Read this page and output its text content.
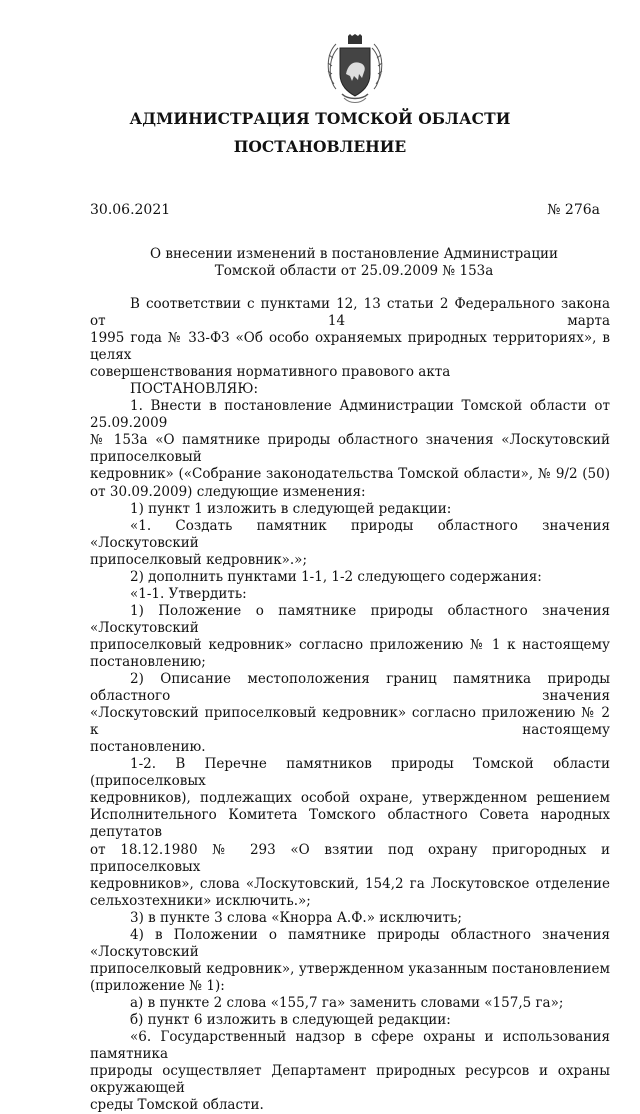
АДМИНИСТРАЦИЯ ТОМСКОЙ ОБЛАСТИ
ПОСТАНОВЛЕНИЕ
30.06.2021	№ 276а
О внесении изменений в постановление Администрации
Томской области от 25.09.2009 № 153а

В соответствии с пунктами 12, 13 статьи 2 Федерального закона от 14 марта

1995 года № 33-ФЗ «Об особо охраняемых природных территориях», в целях

совершенствования нормативного правового акта

ПОСТАНОВЛЯЮ:

1. Внести в постановление Администрации Томской области от 25.09.2009

№ 153а «О памятнике природы областного значения «Лоскутовский припоселковый

кедровник» («Собрание законодательства Томской области», № 9/2 (50)

от 30.09.2009) следующие изменения:

1) пункт 1 изложить в следующей редакции:

«1. Создать памятник природы областного значения «Лоскутовский

припоселковый кедровник».»;

2) дополнить пунктами 1-1, 1-2 следующего содержания:

«1-1. Утвердить:

1) Положение о памятнике природы областного значения «Лоскутовский

припоселковый кедровник» согласно приложению № 1 к настоящему постановлению;

2) Описание местоположения границ памятника природы областного значения

«Лоскутовский припоселковый кедровник» согласно приложению № 2 к настоящему

постановлению.

1-2. В Перечне памятников природы Томской области (припоселковых

кедровников), подлежащих особой охране, утвержденном решением

Исполнительного Комитета Томского областного Совета народных депутатов

от 18.12.1980 № 293 «О взятии под охрану пригородных и припоселковых

кедровников», слова «Лоскутовский, 154,2 га Лоскутовское отделение

сельхозтехники» исключить.»;

3) в пункте 3 слова «Кнорра А.Ф.» исключить;

4) в Положении о памятнике природы областного значения «Лоскутовский

припоселковый кедровник», утвержденном указанным постановлением

(приложение № 1):

а) в пункте 2 слова «155,7 га» заменить словами «157,5 га»;

б) пункт 6 изложить в следующей редакции:

«6. Государственный надзор в сфере охраны и использования памятника

природы осуществляет Департамент природных ресурсов и охраны окружающей

среды Томской области.
